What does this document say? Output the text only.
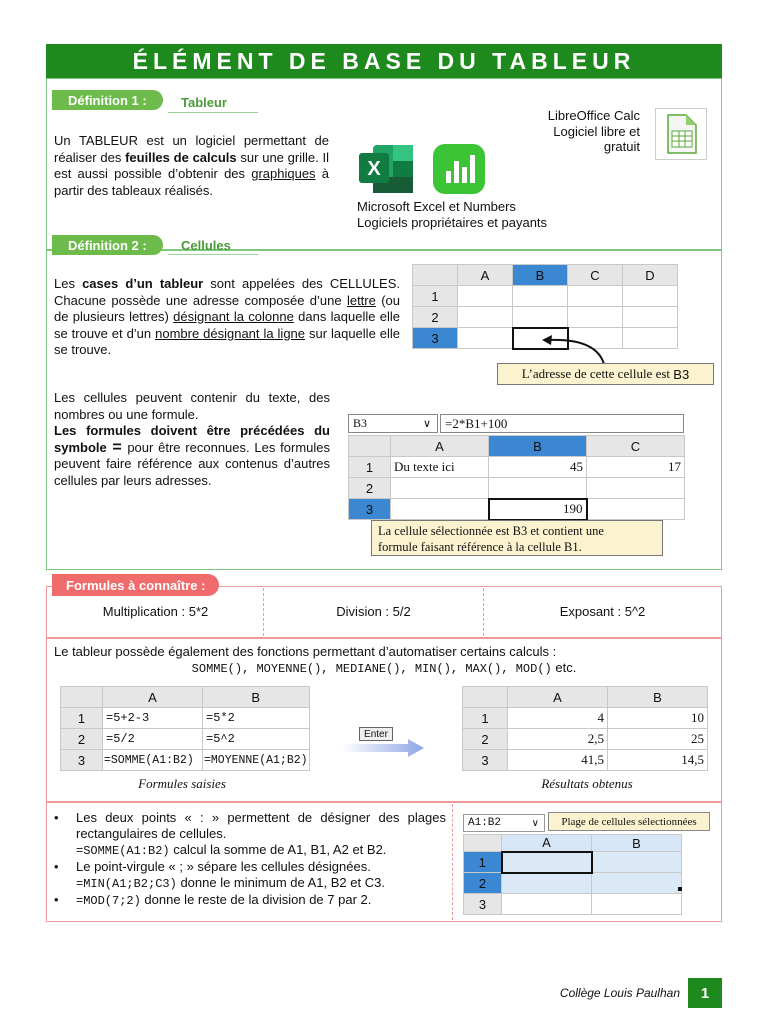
ÉLÉMENT DE BASE DU TABLEUR
Définition 1 :	Tableur
Un TABLEUR est un logiciel permettant de réaliser des feuilles de calculs sur une grille. Il est aussi possible d’obtenir des graphiques à partir des tableaux réalisés.
LibreOffice Calc
Logiciel libre et
gratuit
X
Microsoft Excel et Numbers
Logiciels propriétaires et payants
Définition 2 :	Cellules
Les cases d’un tableur sont appelées des CELLULES. Chacune possède une adresse composée d’une lettre (ou de plusieurs lettres) désignant la colonne dans laquelle elle se trouve et d’un nombre désignant la ligne sur laquelle elle se trouve.
	A	B	C	D
1				
2				
3				
L’adresse de cette cellule est
B3
Les cellules peuvent contenir du texte, des nombres ou une formule.
Les formules doivent être précédées du symbole = pour être reconnues. Les formules peuvent faire référence aux contenus d’autres cellules par leurs adresses.
B3	∨	=2*B1+100
	A	B	C
1	Du texte ici	45	17
2			
3		190	
La cellule sélectionnée est B3 et contient une
formule faisant référence à la cellule B1.
Formules à connaître :
Multiplication : 5*2	Division : 5/2	Exposant : 5^2
Le tableur possède également des fonctions permettant d’automatiser certains calculs :
SOMME(), MOYENNE(), MEDIANE(), MIN(), MAX(), MOD() etc.
	A	B
1	=5+2-3	=5*2
2	=5/2	=5^2
3	=SOMME(A1:B2)	=MOYENNE(A1;B2)
Formules saisies
Enter
	A	B
1	4	10
2	2,5	25
3	41,5	14,5
Résultats obtenus
•	Les deux points « : » permettent de désigner des plages rectangulaires de cellules.
=SOMME(A1:B2) calcul la somme de A1, B1, A2 et B2.
•	Le point-virgule « ; » sépare les cellules désignées.
=MIN(A1;B2;C3) donne le minimum de A1, B2 et C3.
•	=MOD(7;2) donne le reste de la division de 7 par 2.
A1:B2	∨	Plage de cellules sélectionnées
	A	B
1		
2		
3		
Collège Louis Paulhan	1
